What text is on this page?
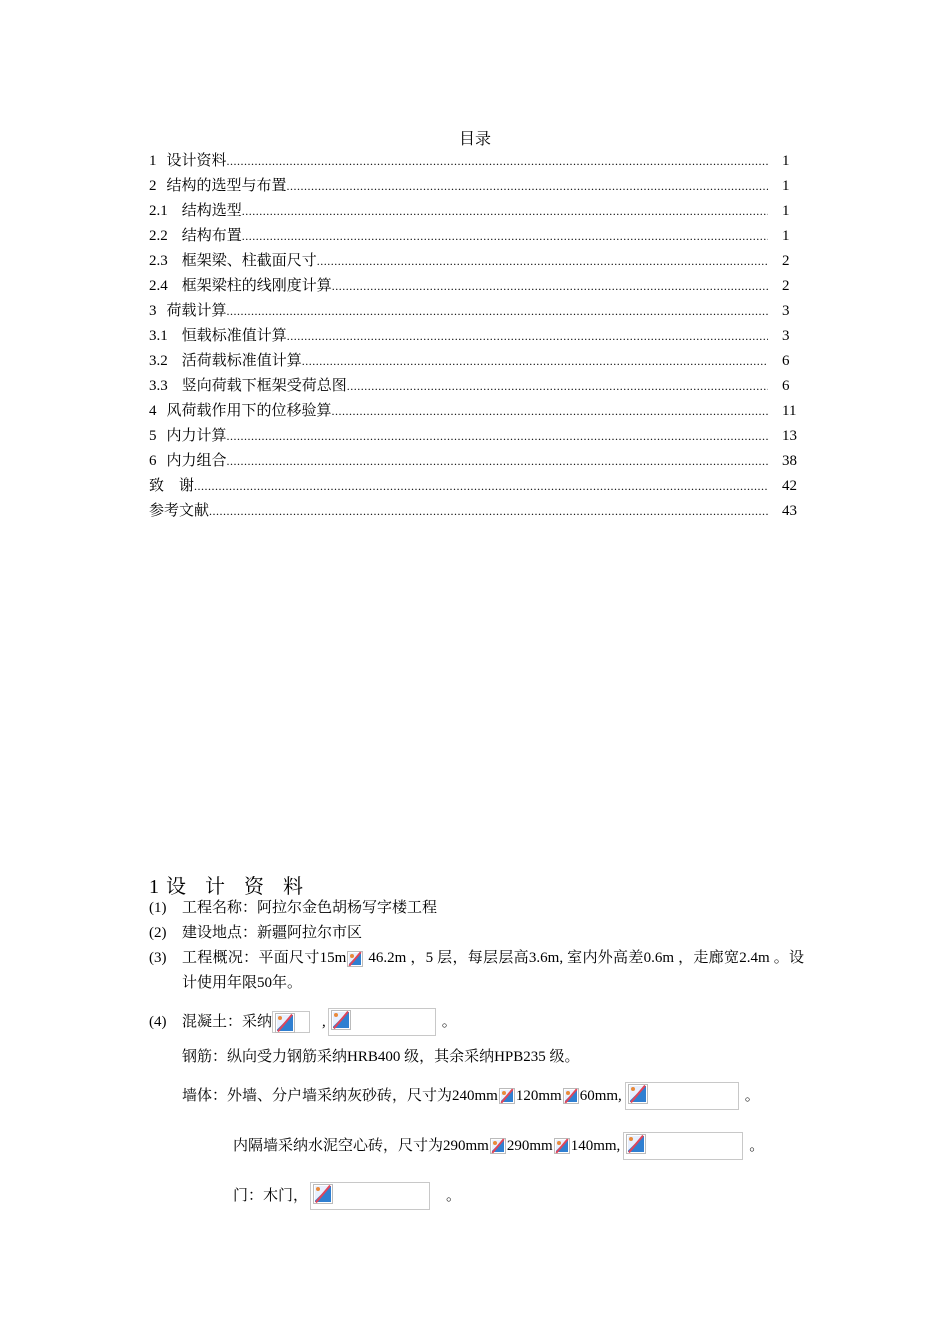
目录
1 设计资料 .....	1
2 结构的选型与布置 .....	1
2.1 结构选型 .....	1
2.2 结构布置 .....	1
2.3 框架梁、柱截面尺寸 .....	2
2.4 框架梁柱的线刚度计算 .....	2
3 荷载计算 .....	3
3.1 恒载标准值计算 .....	3
3.2 活荷载标准值计算 .....	6
3.3 竖向荷载下框架受荷总图 .....	6
4 风荷载作用下的位移验算 .....	11
5 内力计算 .....	13
6 内力组合 .....	38
致　谢 .....	42
参考文献 .....	43
1设 计 资 料
(1) 工程名称：阿拉尔金色胡杨写字楼工程
(2) 建设地点：新疆阿拉尔市区
(3) 工程概况：平面尺寸15m
46.2m ，5 层，每层层高3.6m, 室内外高差0.6m ，走廊宽2.4m 。设计使用年限50年。
(4)	混凝土：采纳	,	。
钢筋：纵向受力钢筋采纳HRB400 级，其余采纳HPB235 级。
墙体：外墙、分户墙采纳灰砂砖，尺寸为240mm 120mm 60mm,	。
内隔墙采纳水泥空心砖，尺寸为290mm 290mm 140mm,	。
门：木门，	。
